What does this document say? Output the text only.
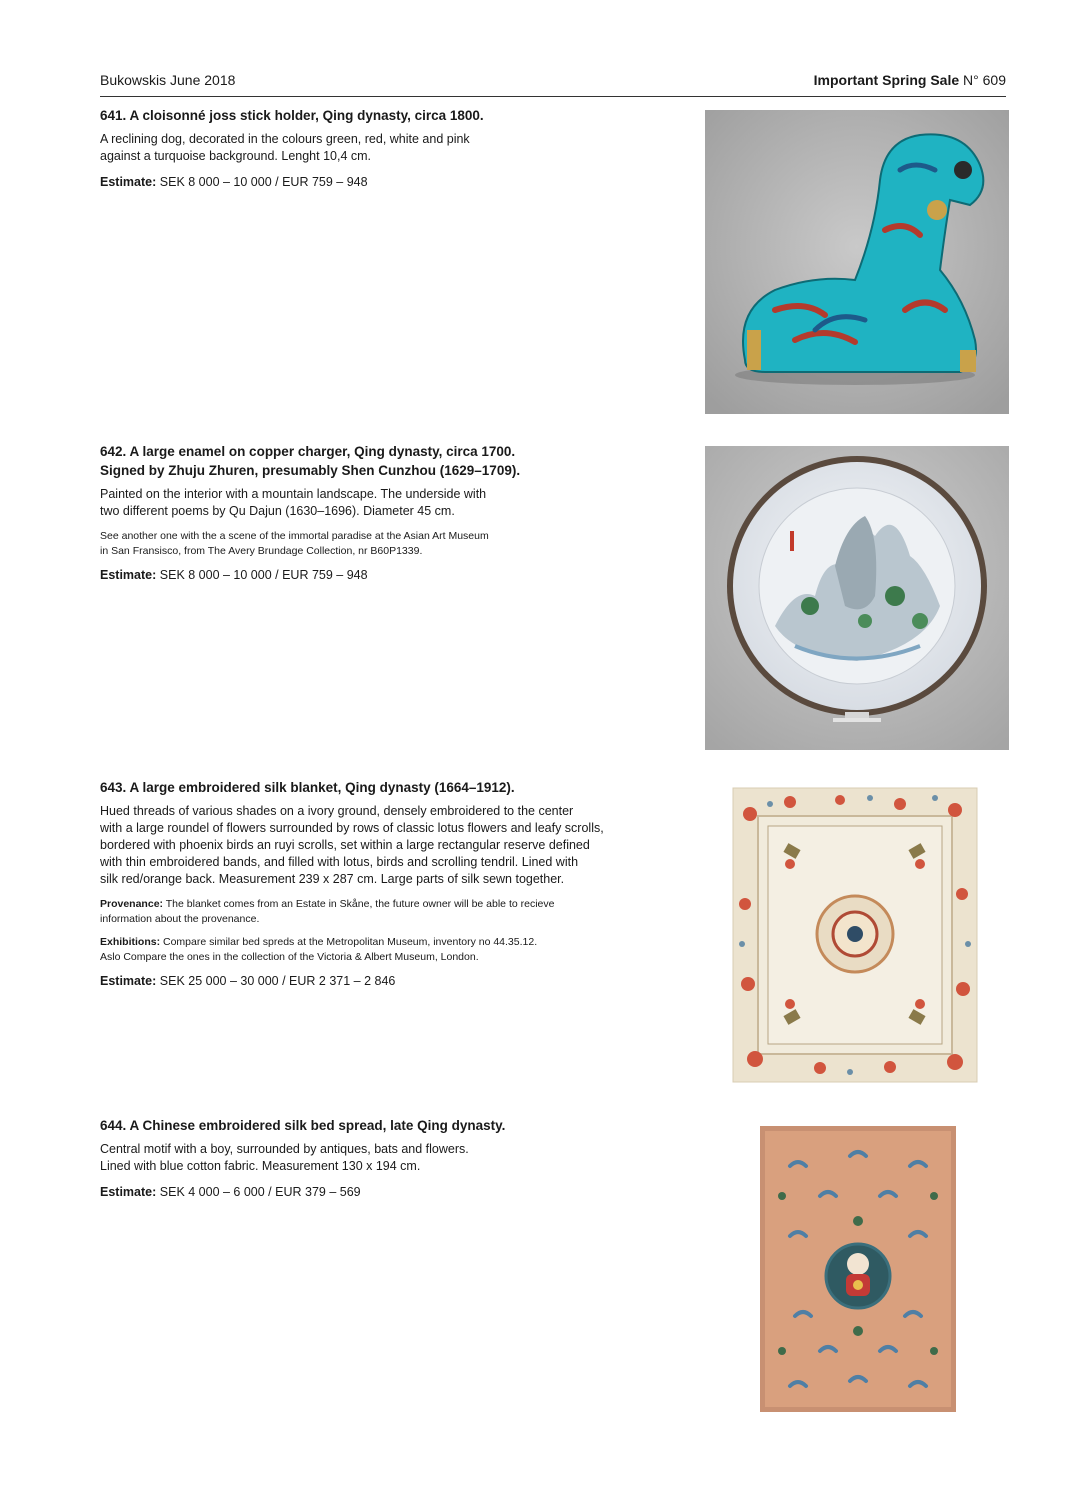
Bukowskis June 2018	Important Spring Sale N° 609

641. A cloisonné joss stick holder, Qing dynasty, circa 1800.

A reclining dog, decorated in the colours green, red, white and pink
against a turquoise background. Lenght 10,4 cm.

Estimate: SEK 8 000 – 10 000 / EUR 759 – 948

642. A large enamel on copper charger, Qing dynasty, circa 1700.
Signed by Zhuju Zhuren, presumably Shen Cunzhou (1629–1709).

Painted on the interior with a mountain landscape. The underside with
two different poems by Qu Dajun (1630–1696). Diameter 45 cm.

See another one with the a scene of the immortal paradise at the Asian Art Museum
in San Fransisco, from The Avery Brundage Collection, nr B60P1339.

Estimate: SEK 8 000 – 10 000 / EUR 759 – 948

643. A large embroidered silk blanket, Qing dynasty (1664–1912).

Hued threads of various shades on a ivory ground, densely embroidered to the center
with a large roundel of flowers surrounded by rows of classic lotus flowers and leafy scrolls,
bordered with phoenix birds an ruyi scrolls, set within a large rectangular reserve defined
with thin embroidered bands, and filled with lotus, birds and scrolling tendril. Lined with
silk red/orange back. Measurement 239 x 287 cm. Large parts of silk sewn together.

Provenance: The blanket comes from an Estate in Skåne, the future owner will be able to recieve
information about the provenance.

Exhibitions: Compare similar bed spreds at the Metropolitan Museum, inventory no 44.35.12.
Aslo Compare the ones in the collection of the Victoria & Albert Museum, London.

Estimate: SEK 25 000 – 30 000 / EUR 2 371 – 2 846

644. A Chinese embroidered silk bed spread, late Qing dynasty.

Central motif with a boy, surrounded by antiques, bats and flowers.
Lined with blue cotton fabric. Measurement 130 x 194 cm.

Estimate: SEK 4 000 – 6 000 / EUR 379 – 569
